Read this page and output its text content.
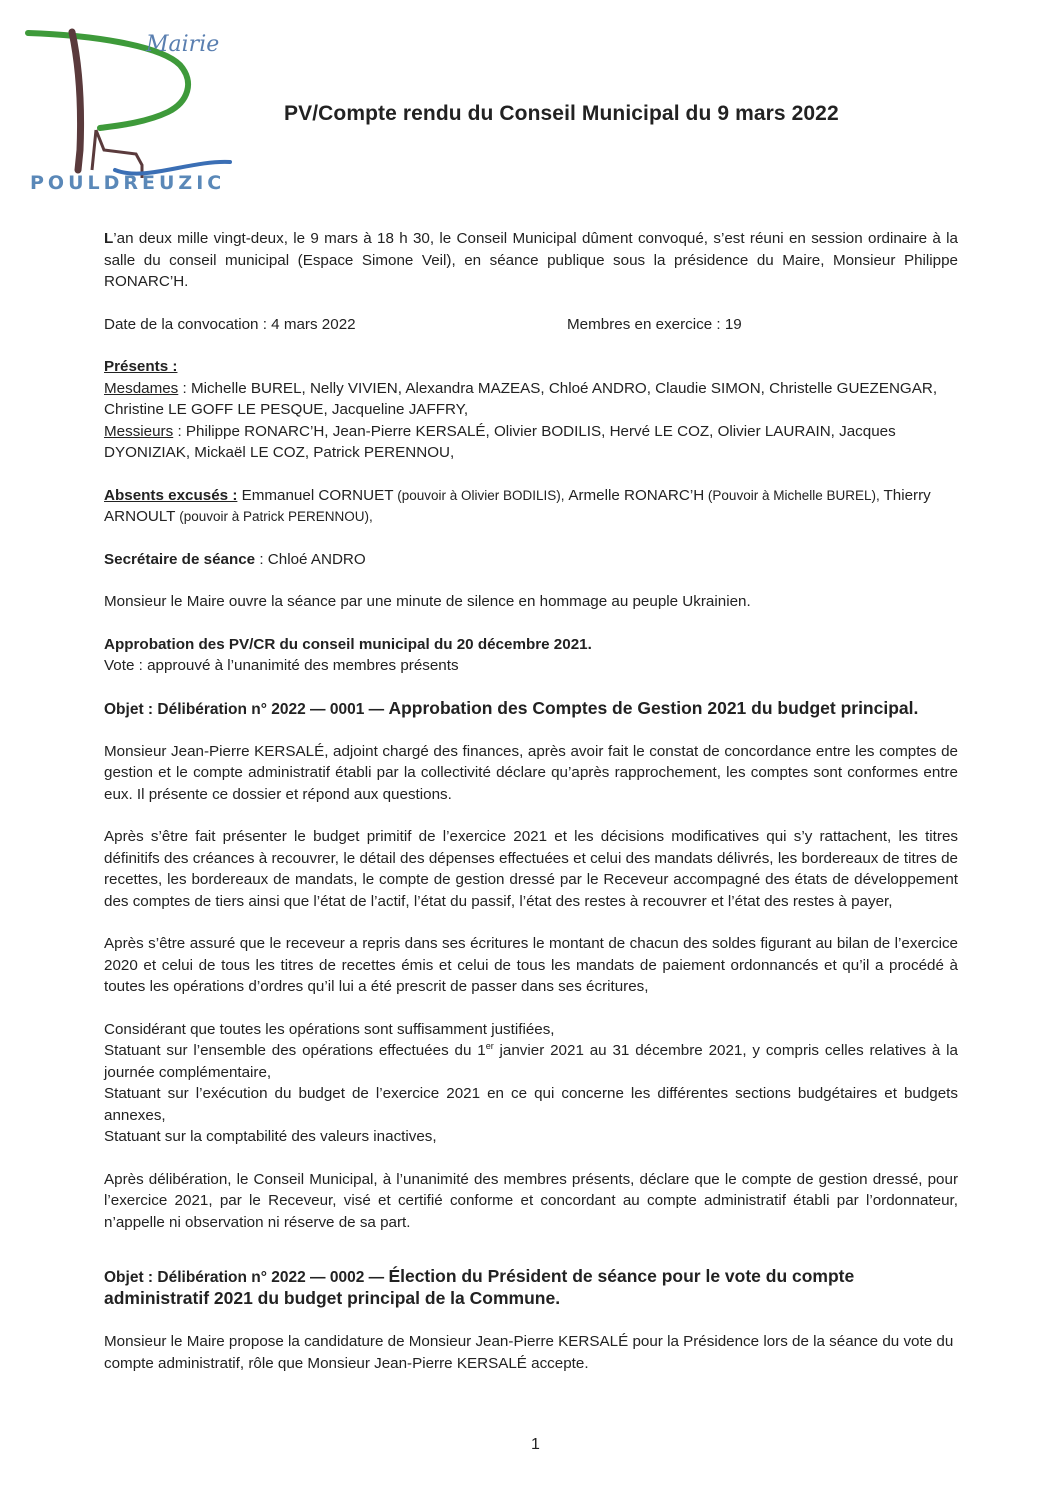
Mairie
POULDREUZIC
PV/Compte rendu du Conseil Municipal du 9 mars 2022

L’an deux mille vingt-deux, le 9 mars à 18 h 30, le Conseil Municipal dûment convoqué, s’est réuni en session ordinaire à la salle du conseil municipal (Espace Simone Veil), en séance publique sous la présidence du Maire, Monsieur Philippe RONARC’H.

Date de la convocation : 4 mars 2022	Membres en exercice : 19

Présents :

Mesdames : Michelle BUREL, Nelly VIVIEN, Alexandra MAZEAS, Chloé ANDRO, Claudie SIMON, Christelle GUEZENGAR, Christine LE GOFF LE PESQUE, Jacqueline JAFFRY,

Messieurs : Philippe RONARC’H, Jean-Pierre KERSALÉ, Olivier BODILIS, Hervé LE COZ, Olivier LAURAIN, Jacques DYONIZIAK, Mickaël LE COZ, Patrick PERENNOU,

Absents excusés : Emmanuel CORNUET (pouvoir à Olivier BODILIS), Armelle RONARC’H (Pouvoir à Michelle BUREL), Thierry ARNOULT (pouvoir à Patrick PERENNOU),

Secrétaire de séance : Chloé ANDRO

Monsieur le Maire ouvre la séance par une minute de silence en hommage au peuple Ukrainien.

Approbation des PV/CR du conseil municipal du 20 décembre 2021.

Vote : approuvé à l’unanimité des membres présents

Objet : Délibération n° 2022 — 0001 — Approbation des Comptes de Gestion 2021 du budget principal.

Monsieur Jean-Pierre KERSALÉ, adjoint chargé des finances, après avoir fait le constat de concordance entre les comptes de gestion et le compte administratif établi par la collectivité déclare qu’après rapprochement, les comptes sont conformes entre eux. Il présente ce dossier et répond aux questions.

Après s’être fait présenter le budget primitif de l’exercice 2021 et les décisions modificatives qui s’y rattachent, les titres définitifs des créances à recouvrer, le détail des dépenses effectuées et celui des mandats délivrés, les bordereaux de titres de recettes, les bordereaux de mandats, le compte de gestion dressé par le Receveur accompagné des états de développement des comptes de tiers ainsi que l’état de l’actif, l’état du passif, l’état des restes à recouvrer et l’état des restes à payer,

Après s’être assuré que le receveur a repris dans ses écritures le montant de chacun des soldes figurant au bilan de l’exercice 2020 et celui de tous les titres de recettes émis et celui de tous les mandats de paiement ordonnancés et qu’il a procédé à toutes les opérations d’ordres qu’il lui a été prescrit de passer dans ses écritures,

Considérant que toutes les opérations sont suffisamment justifiées,

Statuant sur l’ensemble des opérations effectuées du 1er janvier 2021 au 31 décembre 2021, y compris celles relatives à la journée complémentaire,

Statuant sur l’exécution du budget de l’exercice 2021 en ce qui concerne les différentes sections budgétaires et budgets annexes,

Statuant sur la comptabilité des valeurs inactives,

Après délibération, le Conseil Municipal, à l’unanimité des membres présents, déclare que le compte de gestion dressé, pour l’exercice 2021, par le Receveur, visé et certifié conforme et concordant au compte administratif établi par l’ordonnateur, n’appelle ni observation ni réserve de sa part.

Objet : Délibération n° 2022 — 0002 — Élection du Président de séance pour le vote du compte administratif 2021 du budget principal de la Commune.

Monsieur le Maire propose la candidature de Monsieur Jean-Pierre KERSALÉ pour la Présidence lors de la séance du vote du compte administratif, rôle que Monsieur Jean-Pierre KERSALÉ accepte.

1
